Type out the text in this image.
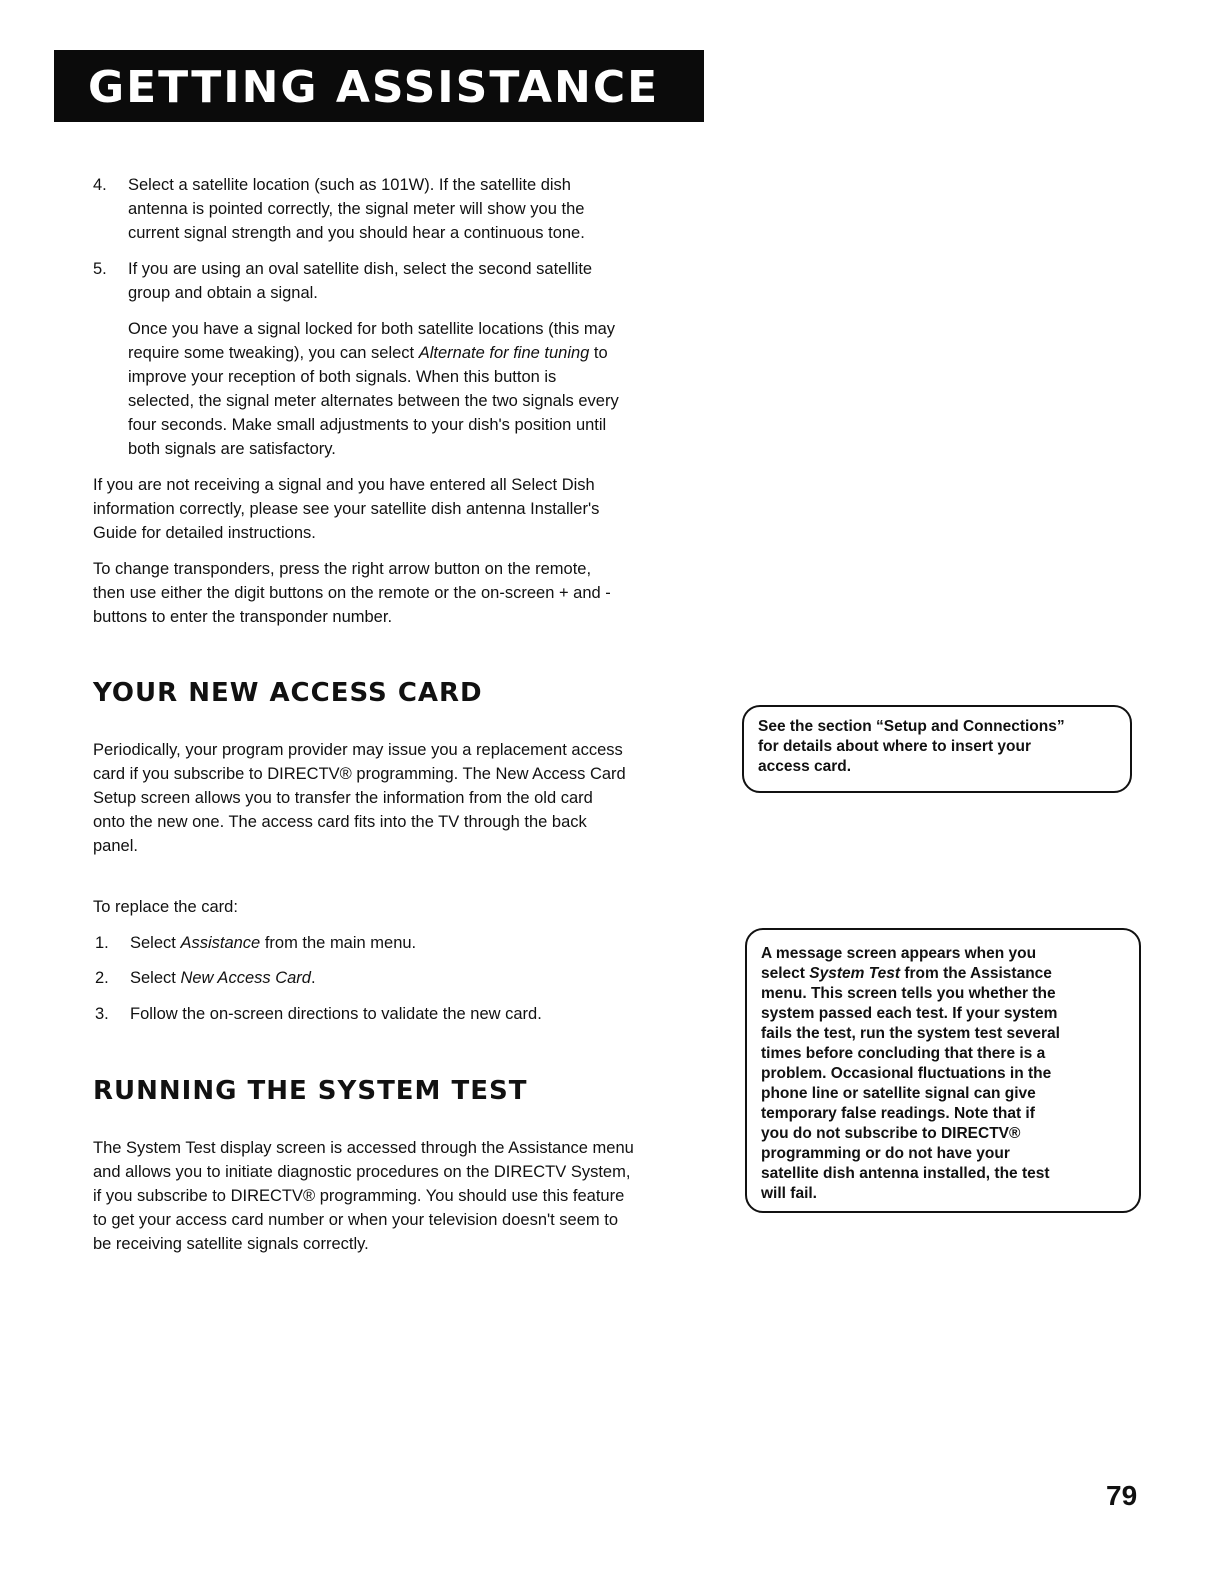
GETTING ASSISTANCE
4. Select a satellite location (such as 101W). If the satellite dish
antenna is pointed correctly, the signal meter will show you the
current signal strength and you should hear a continuous tone.
5. If you are using an oval satellite dish, select the second satellite
group and obtain a signal.
Once you have a signal locked for both satellite locations (this may
require some tweaking), you can select Alternate for fine tuning to
improve your reception of both signals. When this button is
selected, the signal meter alternates between the two signals every
four seconds. Make small adjustments to your dish's position until
both signals are satisfactory.
If you are not receiving a signal and you have entered all Select Dish
information correctly, please see your satellite dish antenna Installer's
Guide for detailed instructions.
To change transponders, press the right arrow button on the remote,
then use either the digit buttons on the remote or the on-screen + and -
buttons to enter the transponder number.
YOUR NEW ACCESS CARD
Periodically, your program provider may issue you a replacement access
card if you subscribe to DIRECTV® programming. The New Access Card
Setup screen allows you to transfer the information from the old card
onto the new one. The access card fits into the TV through the back
panel.
To replace the card:
1. Select Assistance from the main menu.
2. Select New Access Card.
3. Follow the on-screen directions to validate the new card.
See the section “Setup and Connections”
for details about where to insert your
access card.
RUNNING THE SYSTEM TEST
The System Test display screen is accessed through the Assistance menu
and allows you to initiate diagnostic procedures on the DIRECTV System,
if you subscribe to DIRECTV® programming. You should use this feature
to get your access card number or when your television doesn't seem to
be receiving satellite signals correctly.
A message screen appears when you
select System Test from the Assistance
menu. This screen tells you whether the
system passed each test. If your system
fails the test, run the system test several
times before concluding that there is a
problem. Occasional fluctuations in the
phone line or satellite signal can give
temporary false readings. Note that if
you do not subscribe to DIRECTV®
programming or do not have your
satellite dish antenna installed, the test
will fail.
79
